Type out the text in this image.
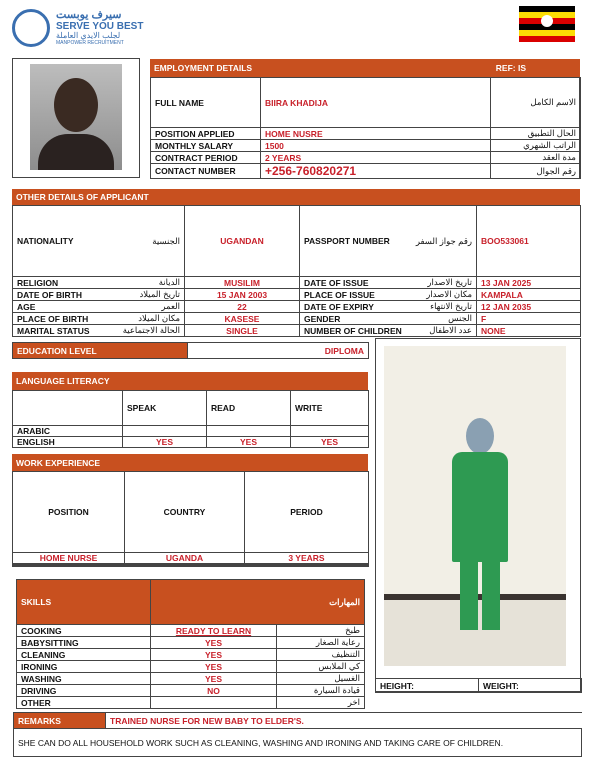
سيرف يوبست
SERVE YOU BEST
لجلب الايدي العاملة
MANPOWER RECRUITMENT
EMPLOYMENT DETAILS	REF: IS
FULL NAME	BIIRA KHADIJA	الاسم الكامل
POSITION APPLIED	HOME NUSRE	الحال التطبيق
MONTHLY SALARY	1500	الراتب الشهري
CONTRACT PERIOD	2 YEARS	مدة العقد
CONTACT NUMBER	+256-760820271	رقم الجوال
OTHER DETAILS OF APPLICANT
NATIONALITY	الجنسية	UGANDAN	PASSPORT NUMBER	رقم جواز السفر	BOO533061
RELIGION	الديانة	MUSILIM	DATE OF ISSUE	تاريخ الاصدار	13 JAN 2025
DATE OF BIRTH	تاريخ الميلاد	15 JAN 2003	PLACE OF ISSUE	مكان الاصدار	KAMPALA
AGE	العمر	22	DATE OF EXPIRY	تاريخ الانتهاء	12 JAN 2035
PLACE OF BIRTH	مكان الميلاد	KASESE	GENDER	الجنس	F
MARITAL STATUS	الحالة الاجتماعية	SINGLE	NUMBER OF CHILDREN	عدد الاطفال	NONE
EDUCATION LEVEL	DIPLOMA
LANGUAGE LITERACY
	SPEAK	READ	WRITE
ARABIC			
ENGLISH	YES	YES	YES
WORK EXPERIENCE
POSITION	COUNTRY	PERIOD
HOME NURSE	UGANDA	3 YEARS

SKILLS	المهارات	
COOKING	READY TO LEARN	طبخ
BABYSITTING	YES	رعاية الصغار
CLEANING	YES	التنظيف
IRONING	YES	كي الملابس
WASHING	YES	الغسيل
DRIVING	NO	قيادة السيارة
OTHER		اخر
HEIGHT:	WEIGHT:
REMARKS	TRAINED NURSE FOR NEW BABY TO ELDER'S.
SHE CAN DO ALL HOUSEHOLD WORK SUCH AS CLEANING, WASHING AND IRONING AND TAKING CARE OF CHILDREN.
